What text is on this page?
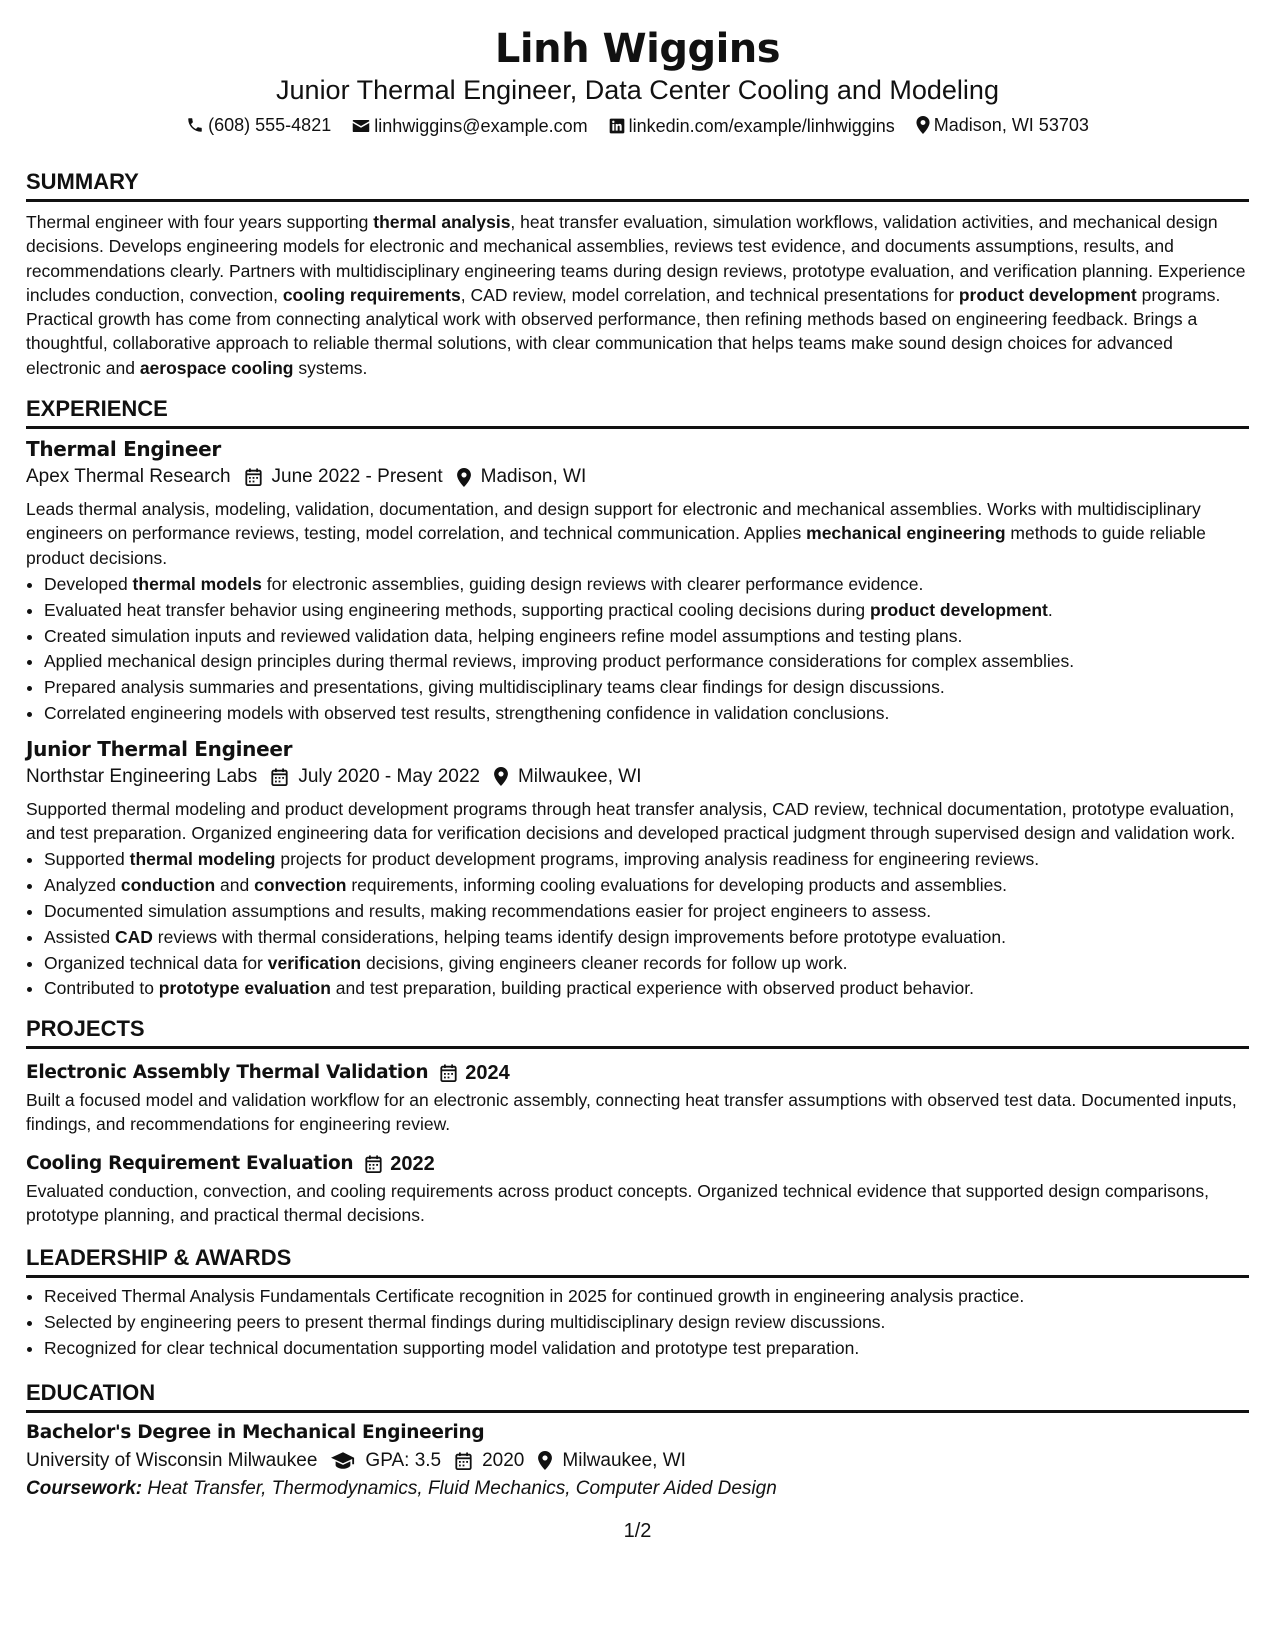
Linh Wiggins
Junior Thermal Engineer, Data Center Cooling and Modeling
(608) 555-4821
linhwiggins@example.com
linkedin.com/example/linhwiggins
Madison, WI 53703
SUMMARY
Thermal engineer with four years supporting thermal analysis, heat transfer evaluation, simulation workflows, validation activities, and mechanical design decisions. Develops engineering models for electronic and mechanical assemblies, reviews test evidence, and documents assumptions, results, and recommendations clearly. Partners with multidisciplinary engineering teams during design reviews, prototype evaluation, and verification planning. Experience includes conduction, convection, cooling requirements, CAD review, model correlation, and technical presentations for product development programs. Practical growth has come from connecting analytical work with observed performance, then refining methods based on engineering feedback. Brings a thoughtful, collaborative approach to reliable thermal solutions, with clear communication that helps teams make sound design choices for advanced electronic and aerospace cooling systems.
EXPERIENCE
Thermal Engineer
Apex Thermal Research June 2022 - Present Madison, WI
Leads thermal analysis, modeling, validation, documentation, and design support for electronic and mechanical assemblies. Works with multidisciplinary engineers on performance reviews, testing, model correlation, and technical communication. Applies mechanical engineering methods to guide reliable product decisions.
• Developed thermal models for electronic assemblies, guiding design reviews with clearer performance evidence.
• Evaluated heat transfer behavior using engineering methods, supporting practical cooling decisions during product development.
• Created simulation inputs and reviewed validation data, helping engineers refine model assumptions and testing plans.
• Applied mechanical design principles during thermal reviews, improving product performance considerations for complex assemblies.
• Prepared analysis summaries and presentations, giving multidisciplinary teams clear findings for design discussions.
• Correlated engineering models with observed test results, strengthening confidence in validation conclusions.
Junior Thermal Engineer
Northstar Engineering Labs July 2020 - May 2022 Milwaukee, WI
Supported thermal modeling and product development programs through heat transfer analysis, CAD review, technical documentation, prototype evaluation, and test preparation. Organized engineering data for verification decisions and developed practical judgment through supervised design and validation work.
• Supported thermal modeling projects for product development programs, improving analysis readiness for engineering reviews.
• Analyzed conduction and convection requirements, informing cooling evaluations for developing products and assemblies.
• Documented simulation assumptions and results, making recommendations easier for project engineers to assess.
• Assisted CAD reviews with thermal considerations, helping teams identify design improvements before prototype evaluation.
• Organized technical data for verification decisions, giving engineers cleaner records for follow up work.
• Contributed to prototype evaluation and test preparation, building practical experience with observed product behavior.
PROJECTS
Electronic Assembly Thermal Validation 2024
Built a focused model and validation workflow for an electronic assembly, connecting heat transfer assumptions with observed test data. Documented inputs, findings, and recommendations for engineering review.
Cooling Requirement Evaluation 2022
Evaluated conduction, convection, and cooling requirements across product concepts. Organized technical evidence that supported design comparisons, prototype planning, and practical thermal decisions.
LEADERSHIP & AWARDS
• Received Thermal Analysis Fundamentals Certificate recognition in 2025 for continued growth in engineering analysis practice.
• Selected by engineering peers to present thermal findings during multidisciplinary design review discussions.
• Recognized for clear technical documentation supporting model validation and prototype test preparation.
EDUCATION
Bachelor's Degree in Mechanical Engineering
University of Wisconsin Milwaukee	GPA: 3.5 2020 Milwaukee, WI
Coursework: Heat Transfer, Thermodynamics, Fluid Mechanics, Computer Aided Design
1/2
